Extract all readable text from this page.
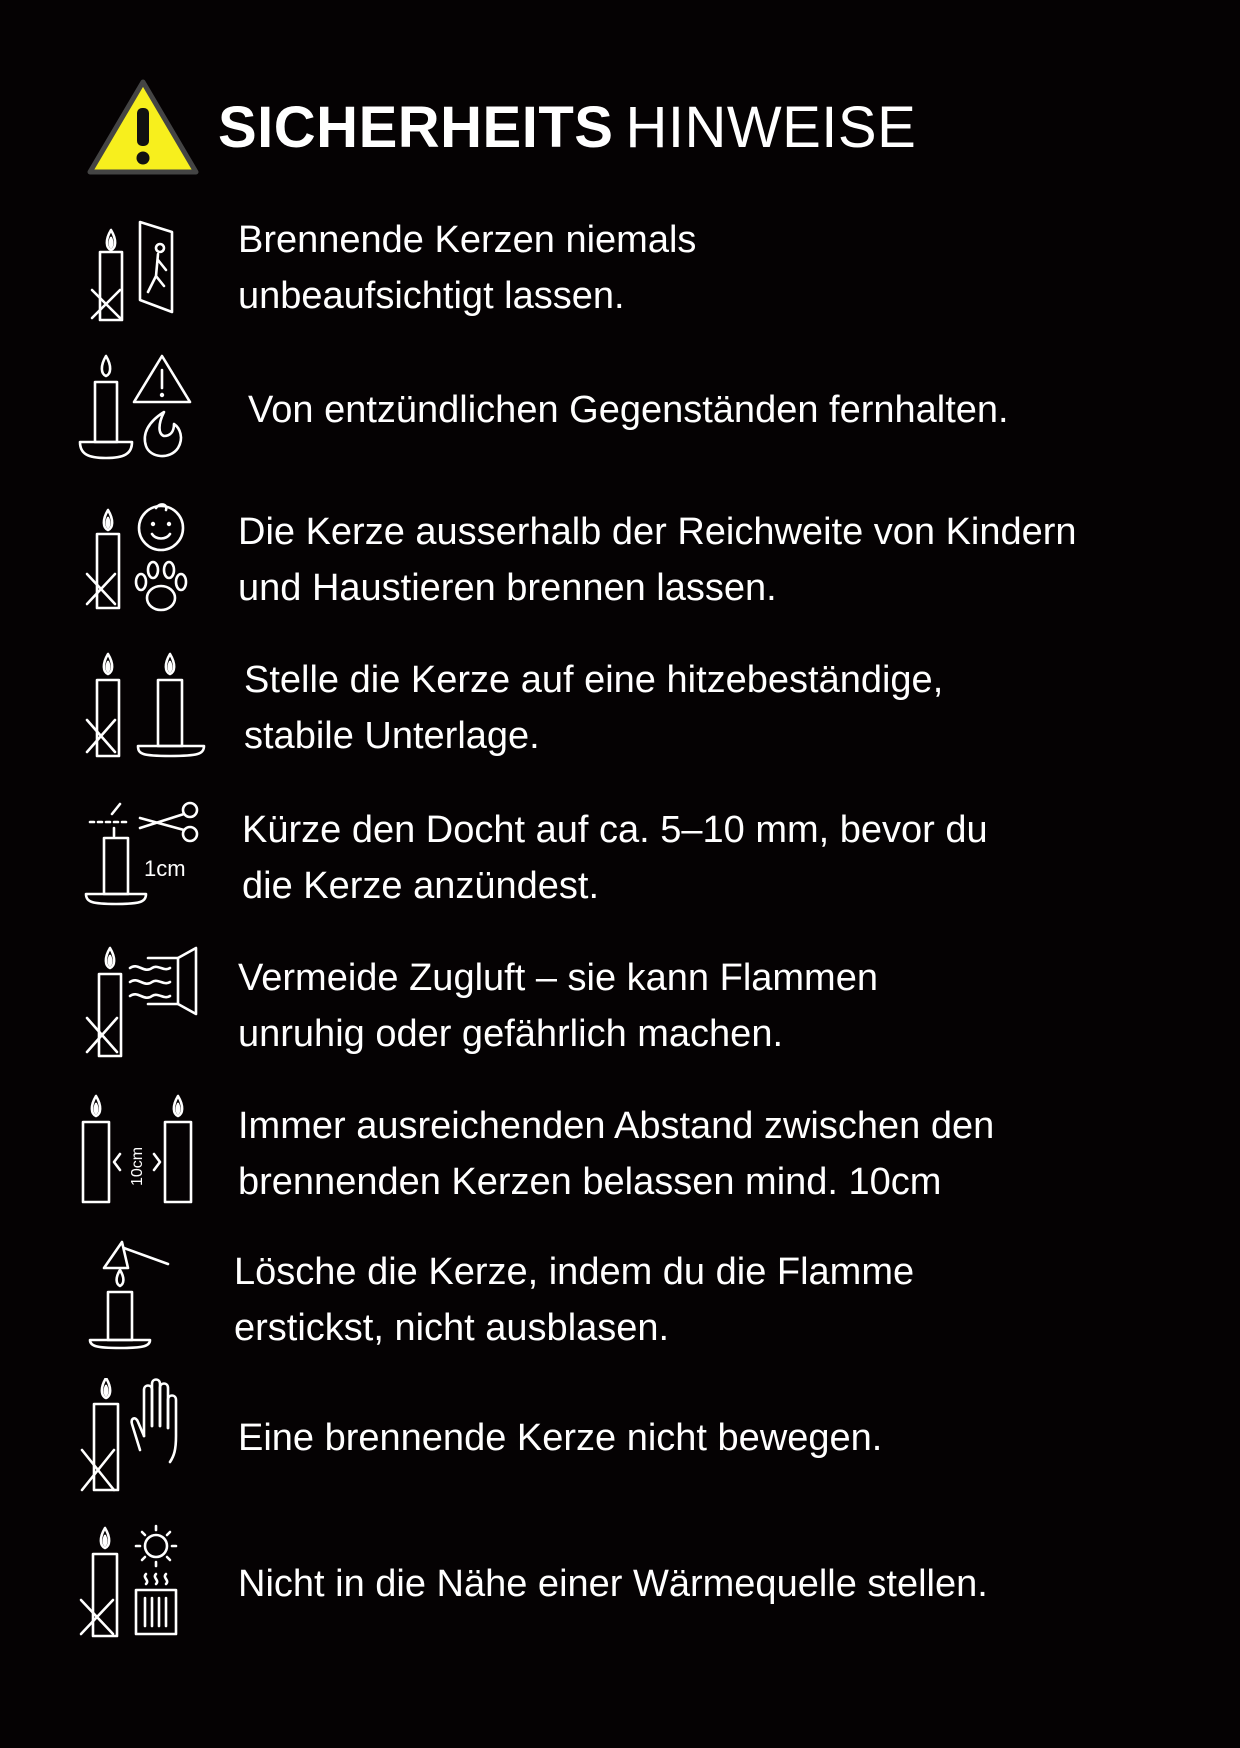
SICHERHEITS HINWEISE
Brennende Kerzen niemals
unbeaufsichtigt lassen.
Von entzündlichen Gegenständen fernhalten.
Die Kerze ausserhalb der Reichweite von Kindern
und Haustieren brennen lassen.
Stelle die Kerze auf eine hitzebeständige,
stabile Unterlage.
1cm
Kürze den Docht auf ca. 5–10 mm, bevor du
die Kerze anzündest.
Vermeide Zugluft – sie kann Flammen
unruhig oder gefährlich machen.
10cm
Immer ausreichenden Abstand zwischen den
brennenden Kerzen belassen mind. 10cm
Lösche die Kerze, indem du die Flamme
erstickst, nicht ausblasen.
Eine brennende Kerze nicht bewegen.
Nicht in die Nähe einer Wärmequelle stellen.
